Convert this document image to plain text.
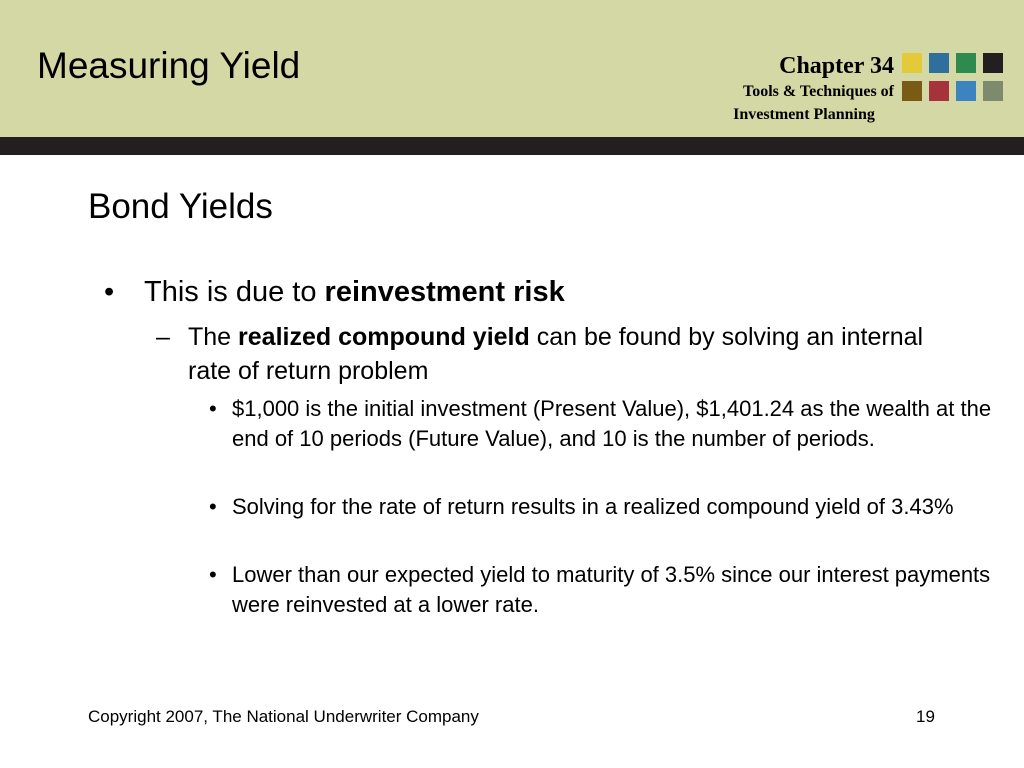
Measuring Yield	Chapter 34
Tools & Techniques of
Investment Planning
Bond Yields
• This is due to reinvestment risk
– The realized compound yield can be found by solving an internal rate of return problem
• $1,000 is the initial investment (Present Value), $1,401.24 as the wealth at the end of 10 periods (Future Value), and 10 is the number of periods.
• Solving for the rate of return results in a realized compound yield of 3.43%
• Lower than our expected yield to maturity of 3.5% since our interest payments were reinvested at a lower rate.
Copyright 2007, The National Underwriter Company	19
